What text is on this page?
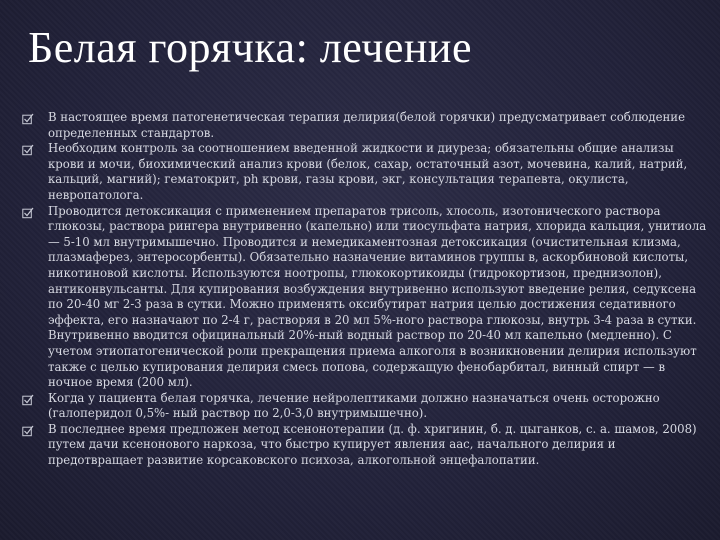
Белая горячка: лечение
В настоящее время патогенетическая терапия делирия(белой горячки) предусматривает соблюдение определенных стандартов.
Необходим контроль за соотношением введенной жидкости и диуреза; обязательны общие анализы крови и мочи, биохимический анализ крови (белок, сахар, остаточный азот, мочевина, калий, натрий, кальций, магний); гематокрит, ph крови, газы крови, экг, консультация терапевта, окулиста, невропатолога.
Проводится детоксикация с применением препаратов трисоль, хлосоль, изотонического раствора глюкозы, раствора рингера внутривенно (капельно) или тиосульфата натрия, хлорида кальция, унитиола — 5-10 мл внутримышечно. Проводится и немедикаментозная детоксикация (очистительная клизма, плазмаферез, энтеросорбенты). Обязательно назначение витаминов группы в, аскорбиновой кислоты, никотиновой кислоты. Используются ноотропы, глюкокортикоиды (гидрокортизон, преднизолон), антиконвульсанты. Для купирования возбуждения внутривенно используют введение релия, седуксена по 20-40 мг 2-3 раза в сутки. Можно применять оксибутират натрия целью достижения седативного эффекта, его назначают по 2-4 г, растворяя в 20 мл 5%-ного раствора глюкозы, внутрь 3-4 раза в сутки. Внутривенно вводится официнальный 20%-ный водный раствор по 20-40 мл капельно (медленно). С учетом этиопатогенической роли прекращения приема алкоголя в возникновении делирия используют также с целью купирования делирия смесь попова, содержащую фенобарбитал, винный спирт — в ночное время (200 мл).
Когда у пациента белая горячка, лечение нейролептиками должно назначаться очень осторожно (галоперидол 0,5%- ный раствор по 2,0-3,0 внутримышечно).
В последнее время предложен метод ксенонотерапии (д. ф. хригинин, б. д. цыганков, с. а. шамов, 2008) путем дачи ксенонового наркоза, что быстро купирует явления аас, начального делирия и предотвращает развитие корсаковского психоза, алкогольной энцефалопатии.
